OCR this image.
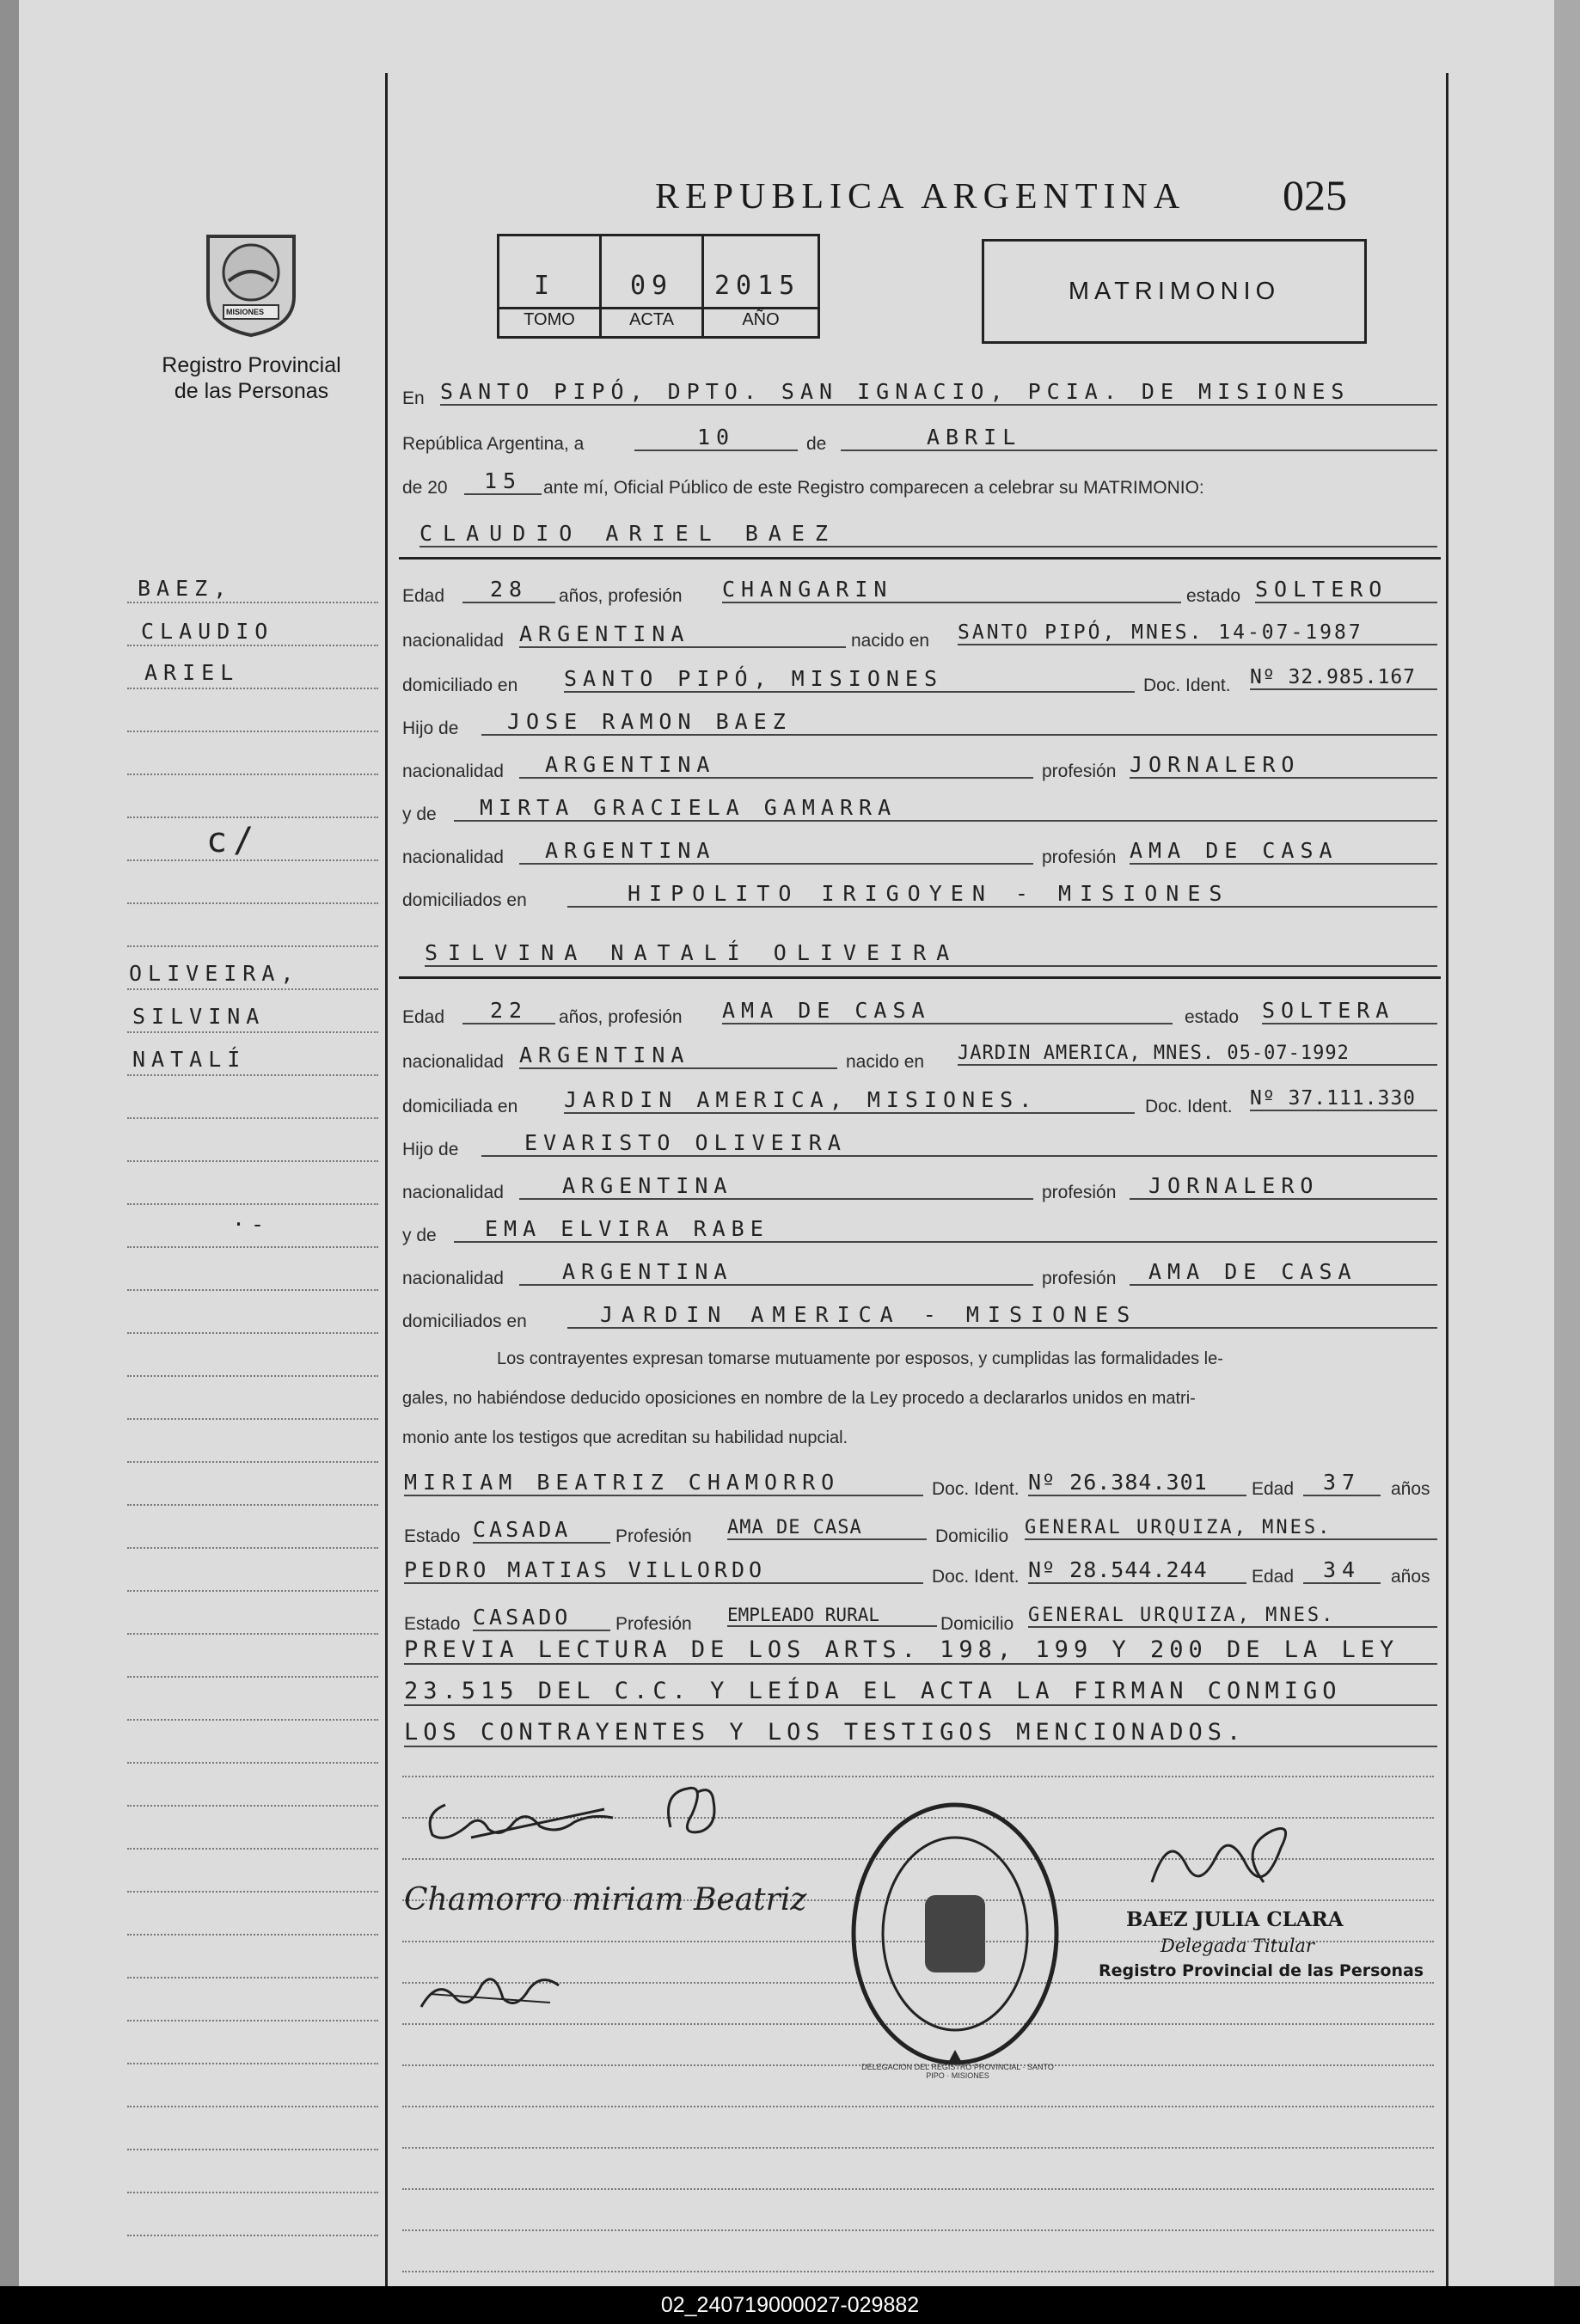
REPUBLICA ARGENTINA 025
MISIONES
Registro Provincial
de las Personas
I	09 2015
TOMO	ACTA	AÑO
MATRIMONIO
En SANTO PIPÓ, DPTO. SAN IGNACIO, PCIA. DE MISIONES
República Argentina, a	10	de	ABRIL
de 20	15	ante mí, Oficial Público de este Registro comparecen a celebrar su MATRIMONIO:
CLAUDIO ARIEL BAEZ
Edad	28	años, profesión CHANGARIN	estado SOLTERO
nacionalidad ARGENTINA	nacido en SANTO PIPÓ, MNES. 14-07-1987
domiciliado en SANTO PIPÓ, MISIONES	Doc. Ident. Nº 32.985.167
Hijo de	JOSE RAMON BAEZ
nacionalidad	ARGENTINA	profesión JORNALERO
y de	MIRTA GRACIELA GAMARRA
nacionalidad	ARGENTINA	profesión AMA DE CASA
domiciliados en	HIPOLITO IRIGOYEN - MISIONES
SILVINA NATALÍ OLIVEIRA
Edad	22	años, profesión AMA DE CASA	estado SOLTERA
nacionalidad ARGENTINA	nacido en JARDIN AMERICA, MNES. 05-07-1992
domiciliada en JARDIN AMERICA, MISIONES.	Doc. Ident. Nº 37.111.330
Hijo de	EVARISTO OLIVEIRA
nacionalidad	ARGENTINA	profesión	JORNALERO
y de	EMA ELVIRA RABE
nacionalidad	ARGENTINA	profesión	AMA DE CASA
domiciliados en	JARDIN AMERICA - MISIONES
Los contrayentes expresan tomarse mutuamente por esposos, y cumplidas las formalidades le-
gales, no habiéndose deducido oposiciones en nombre de la Ley procedo a declararlos unidos en matri-
monio ante los testigos que acreditan su habilidad nupcial.
MIRIAM BEATRIZ CHAMORRO	Doc. Ident. Nº 26.384.301	Edad	37	años
Estado CASADA	Profesión AMA DE CASA	Domicilio GENERAL URQUIZA, MNES.
PEDRO MATIAS VILLORDO	Doc. Ident. Nº 28.544.244	Edad	34	años
Estado CASADO	Profesión EMPLEADO RURAL	Domicilio GENERAL URQUIZA, MNES.
PREVIA LECTURA DE LOS ARTS. 198, 199 Y 200 DE LA LEY
23.515 DEL C.C. Y LEÍDA EL ACTA LA FIRMAN CONMIGO
LOS CONTRAYENTES Y LOS TESTIGOS MENCIONADOS.
BAEZ,
CLAUDIO
ARIEL
c/
OLIVEIRA,
SILVINA
NATALÍ
·-
Chamorro miriam Beatriz
DELEGACION DEL REGISTRO PROVINCIAL · SANTO PIPO · MISIONES
BAEZ JULIA CLARA
Delegada Titular
Registro Provincial de las Personas
02_240719000027-029882
